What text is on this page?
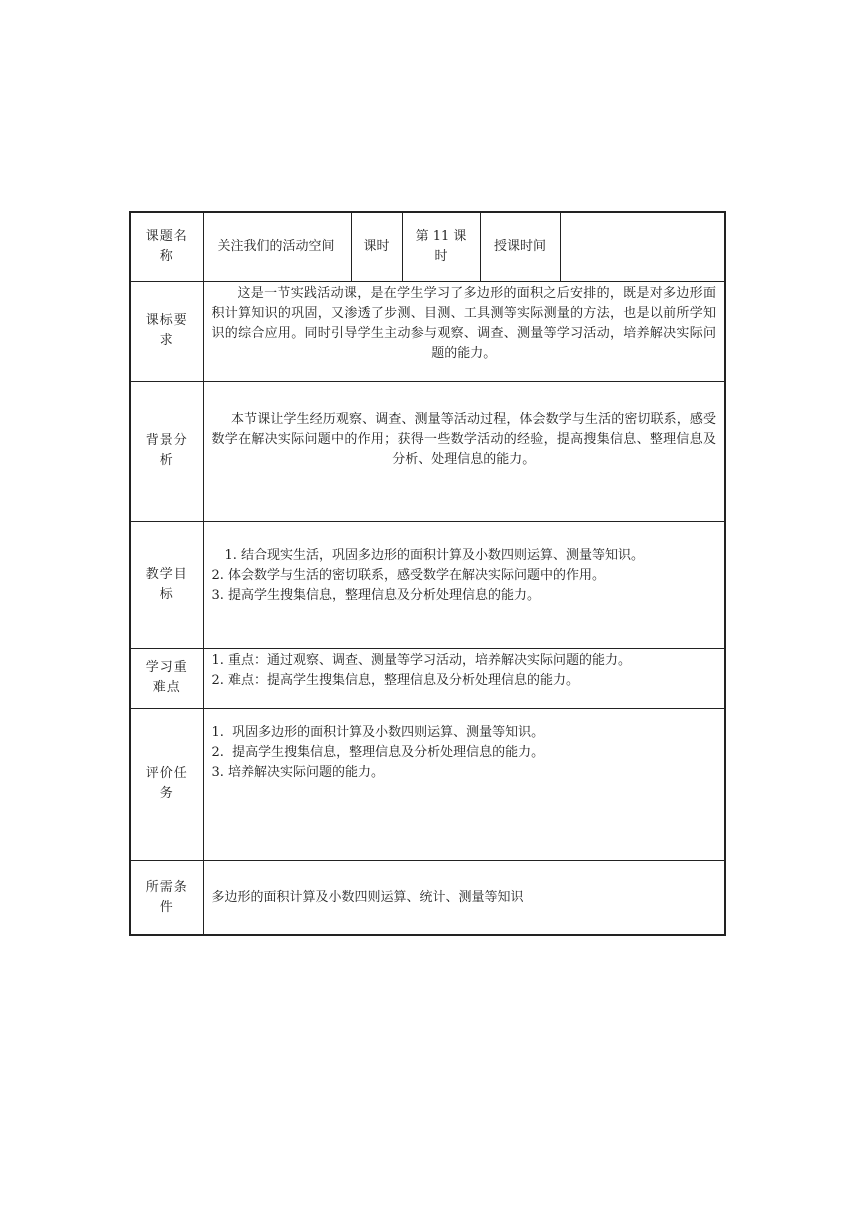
课题名称	关注我们的活动空间	课时	第 11 课时	授课时间	
课标要求	这是一节实践活动课，是在学生学习了多边形的面积之后安排的，既是对多边形面积计算知识的巩固，又渗透了步测、目测、工具测等实际测量的方法，也是以前所学知识的综合应用。同时引导学生主动参与观察、调查、测量等学习活动，培养解决实际问题的能力。				
背景分析	本节课让学生经历观察、调查、测量等活动过程，体会数学与生活的密切联系，感受数学在解决实际问题中的作用；获得一些数学活动的经验，提高搜集信息、整理信息及分析、处理信息的能力。				
教学目标	1. 结合现实生活，巩固多边形的面积计算及小数四则运算、测量等知识。
2. 体会数学与生活的密切联系，感受数学在解决实际问题中的作用。
3. 提高学生搜集信息，整理信息及分析处理信息的能力。				

学习重难点	1. 重点：通过观察、调查、测量等学习活动，培养解决实际问题的能力。
2. 难点：提高学生搜集信息，整理信息及分析处理信息的能力。				

评价任务	1.  巩固多边形的面积计算及小数四则运算、测量等知识。
2.  提高学生搜集信息，整理信息及分析处理信息的能力。
3. 培养解决实际问题的能力。				

所需条件	多边形的面积计算及小数四则运算、统计、测量等知识				
